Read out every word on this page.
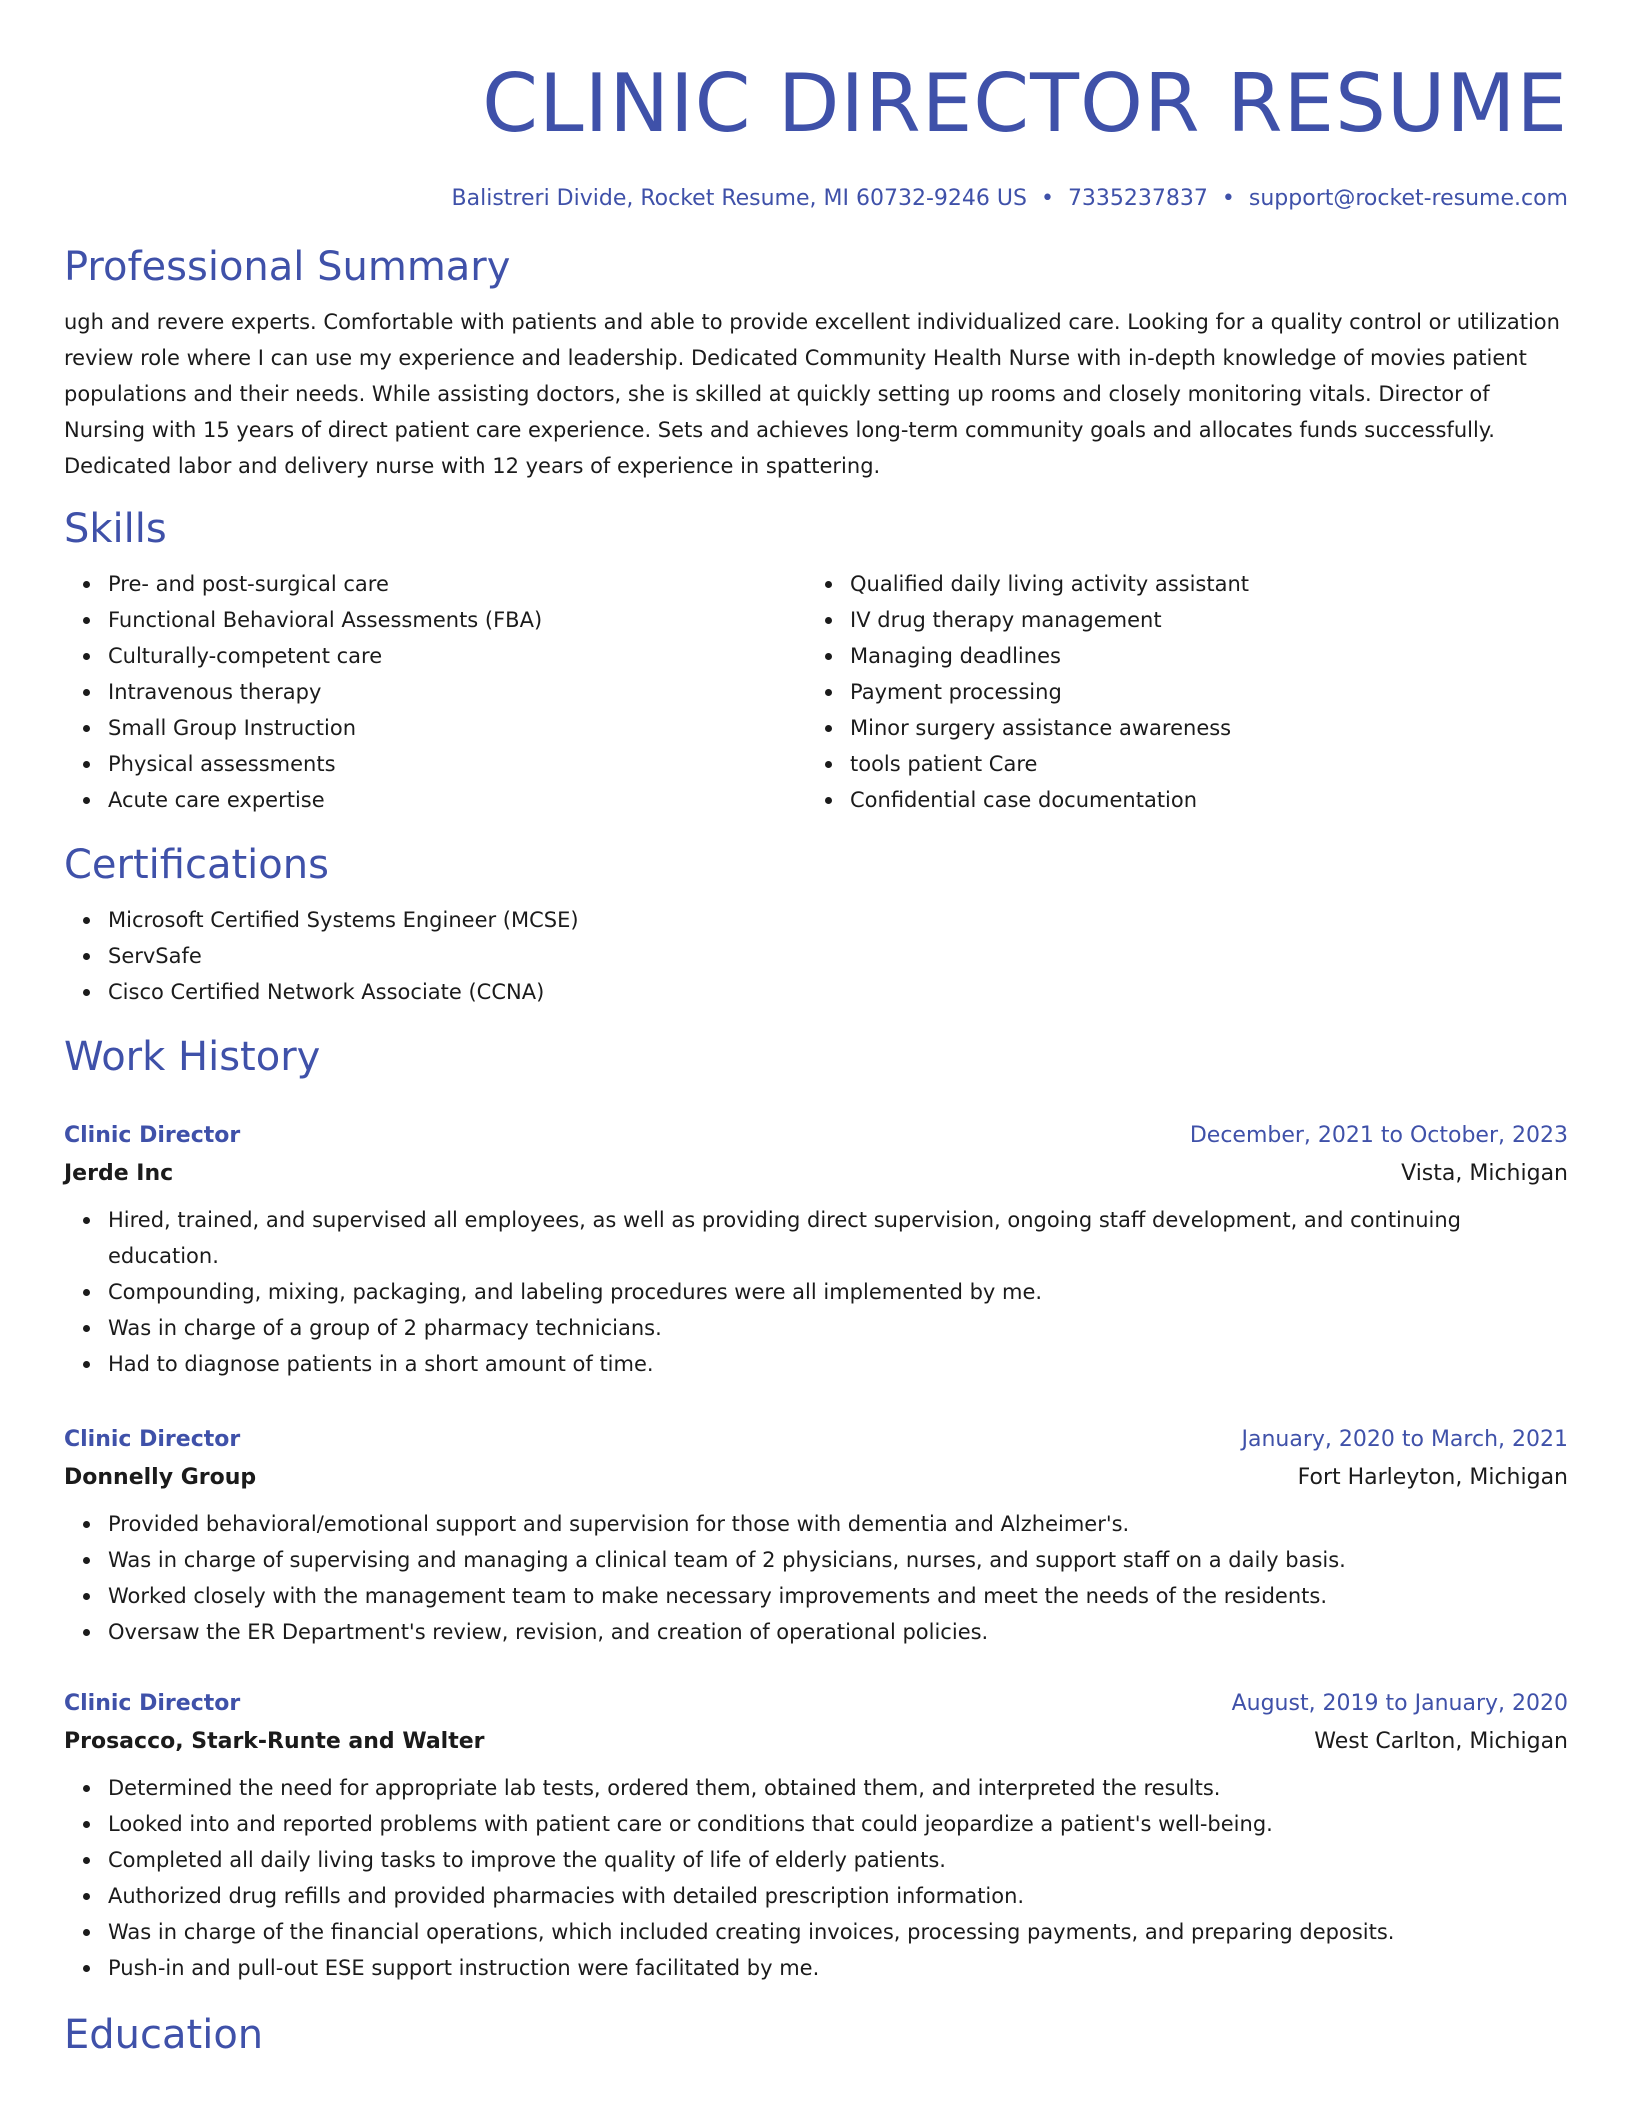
CLINIC DIRECTOR RESUME
Balistreri Divide, Rocket Resume, MI 60732-9246 US • 7335237837 • support@rocket-resume.com
Professional Summary

ugh and revere experts. Comfortable with patients and able to provide excellent individualized care. Looking for a quality control or utilization review role where I can use my experience and leadership. Dedicated Community Health Nurse with in-depth knowledge of movies patient populations and their needs. While assisting doctors, she is skilled at quickly setting up rooms and closely monitoring vitals. Director of Nursing with 15 years of direct patient care experience. Sets and achieves long-term community goals and allocates funds successfully. Dedicated labor and delivery nurse with 12 years of experience in spattering.

Skills
Pre- and post-surgical care
Functional Behavioral Assessments (FBA)
Culturally-competent care
Intravenous therapy
Small Group Instruction
Physical assessments
Acute care expertise
Qualified daily living activity assistant
IV drug therapy management
Managing deadlines
Payment processing
Minor surgery assistance awareness
tools patient Care
Confidential case documentation
Certifications
Microsoft Certified Systems Engineer (MCSE)
ServSafe
Cisco Certified Network Associate (CCNA)
Work History
Clinic Director	December, 2021 to October, 2023
Jerde Inc	Vista, Michigan
Hired, trained, and supervised all employees, as well as providing direct supervision, ongoing staff development, and continuing education.
Compounding, mixing, packaging, and labeling procedures were all implemented by me.
Was in charge of a group of 2 pharmacy technicians.
Had to diagnose patients in a short amount of time.
Clinic Director	January, 2020 to March, 2021
Donnelly Group	Fort Harleyton, Michigan
Provided behavioral/emotional support and supervision for those with dementia and Alzheimer's.
Was in charge of supervising and managing a clinical team of 2 physicians, nurses, and support staff on a daily basis.
Worked closely with the management team to make necessary improvements and meet the needs of the residents.
Oversaw the ER Department's review, revision, and creation of operational policies.
Clinic Director	August, 2019 to January, 2020
Prosacco, Stark-Runte and Walter	West Carlton, Michigan
Determined the need for appropriate lab tests, ordered them, obtained them, and interpreted the results.
Looked into and reported problems with patient care or conditions that could jeopardize a patient's well-being.
Completed all daily living tasks to improve the quality of life of elderly patients.
Authorized drug refills and provided pharmacies with detailed prescription information.
Was in charge of the financial operations, which included creating invoices, processing payments, and preparing deposits.
Push-in and pull-out ESE support instruction were facilitated by me.
Education
